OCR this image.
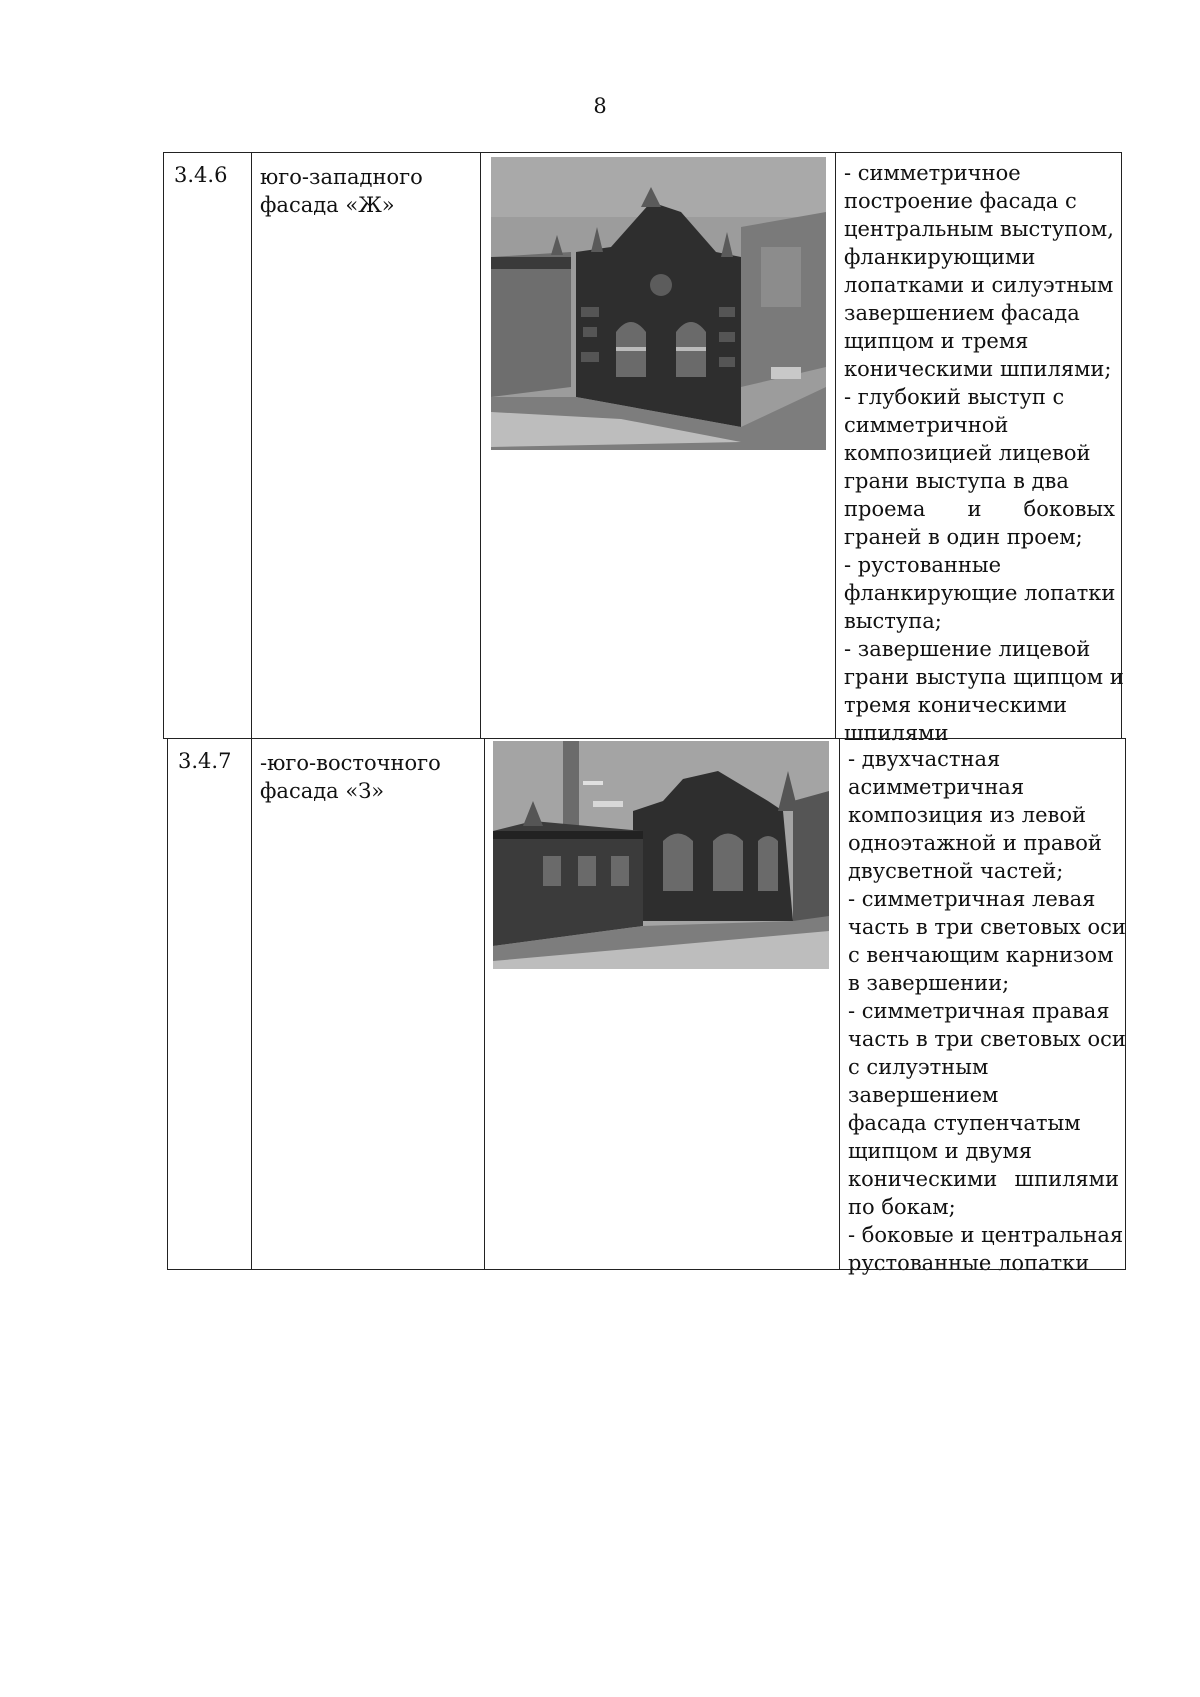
8
3.4.6	юго-западного
фасада «Ж»
- симметричное
построение фасада с
центральным выступом,
фланкирующими
лопатками и силуэтным
завершением фасада
щипцом и тремя
коническими шпилями;
- глубокий выступ с
симметричной
композицией лицевой
грани выступа в два
проема и боковых
граней в один проем;
- рустованные
фланкирующие лопатки
выступа;
- завершение лицевой
грани выступа щипцом и
тремя коническими
шпилями
3.4.7	-юго-восточного
фасада «З»
- двухчастная
асимметричная
композиция из левой
одноэтажной и правой
двусветной частей;
- симметричная левая
часть в три световых оси
с венчающим карнизом
в завершении;
- симметричная правая
часть в три световых оси
с силуэтным
завершением
фасада ступенчатым
щипцом и двумя
коническими шпилями
по бокам;
- боковые и центральная
рустованные лопатки
